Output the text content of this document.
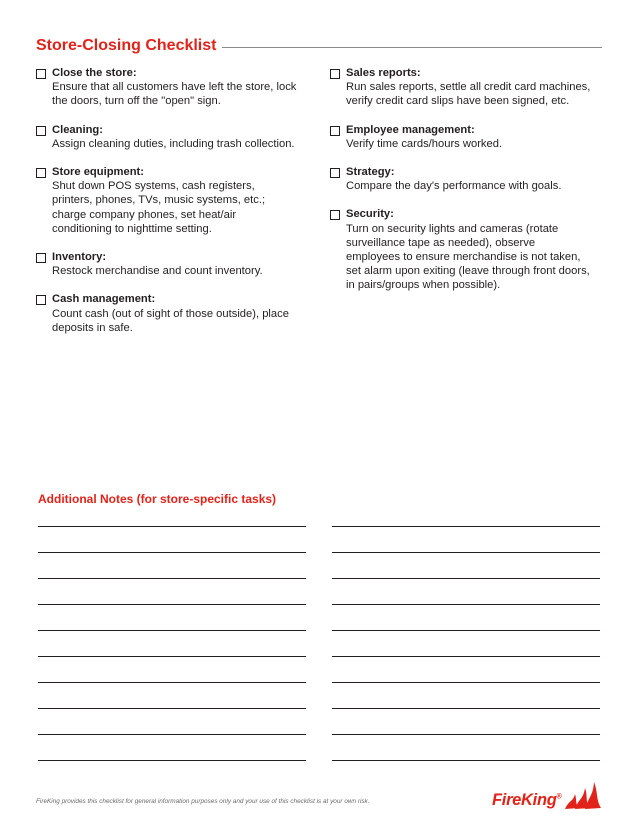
Store-Closing Checklist
Close the store:
Ensure that all customers have left the store, lock the doors, turn off the "open" sign.
Cleaning:
Assign cleaning duties, including trash collection.
Store equipment:
Shut down POS systems, cash registers, printers, phones, TVs, music systems, etc.; charge company phones, set heat/air conditioning to nighttime setting.
Inventory:
Restock merchandise and count inventory.
Cash management:
Count cash (out of sight of those outside), place deposits in safe.
Sales reports:
Run sales reports, settle all credit card machines, verify credit card slips have been signed, etc.
Employee management:
Verify time cards/hours worked.
Strategy:
Compare the day's performance with goals.
Security:
Turn on security lights and cameras (rotate surveillance tape as needed), observe employees to ensure merchandise is not taken, set alarm upon exiting (leave through front doors, in pairs/groups when possible).
Additional Notes (for store-specific tasks)
FireKing provides this checklist for general information purposes only and your use of this checklist is at your own risk.	FireKing®
